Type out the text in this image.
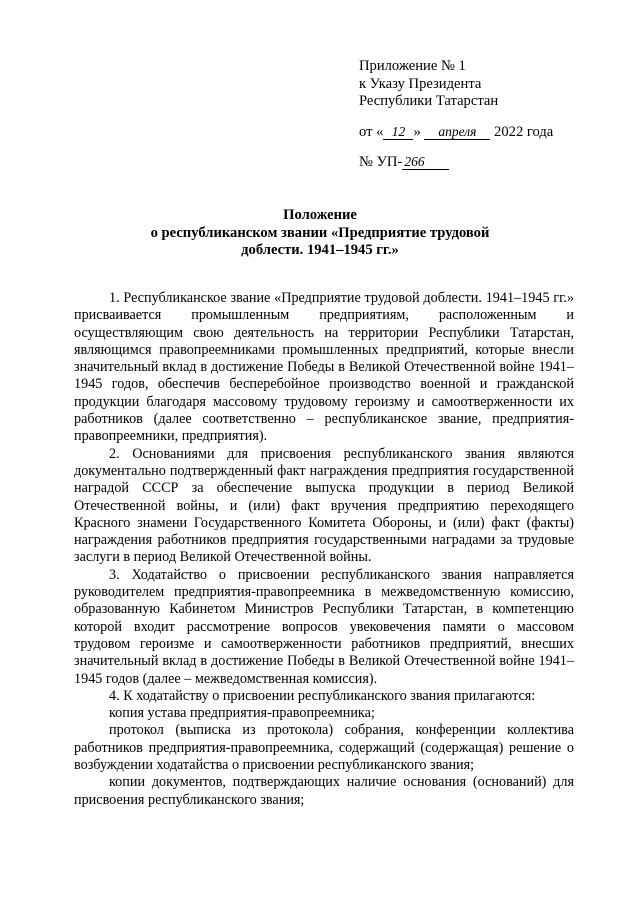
Приложение № 1
к Указу Президента
Республики Татарстан
от « 12 » апреля 2022 года
№ УП- 266
Положение
о республиканском звании «Предприятие трудовой
доблести. 1941–1945 гг.»

1. Республиканское звание «Предприятие трудовой доблести. 1941–1945 гг.» присваивается промышленным предприятиям, расположенным и осуществляющим свою деятельность на территории Республики Татарстан, являющимся правопреемниками промышленных предприятий, которые внесли значительный вклад в достижение Победы в Великой Отечественной войне 1941–1945 годов, обеспечив бесперебойное производство военной и гражданской продукции благодаря массовому трудовому героизму и самоотверженности их работников (далее соответственно – республиканское звание, предприятия-правопреемники, предприятия).

2. Основаниями для присвоения республиканского звания являются документально подтвержденный факт награждения предприятия государственной наградой СССР за обеспечение выпуска продукции в период Великой Отечественной войны, и (или) факт вручения предприятию переходящего Красного знамени Государственного Комитета Обороны, и (или) факт (факты) награждения работников предприятия государственными наградами за трудовые заслуги в период Великой Отечественной войны.

3. Ходатайство о присвоении республиканского звания направляется руководителем предприятия-правопреемника в межведомственную комиссию, образованную Кабинетом Министров Республики Татарстан, в компетенцию которой входит рассмотрение вопросов увековечения памяти о массовом трудовом героизме и самоотверженности работников предприятий, внесших значительный вклад в достижение Победы в Великой Отечественной войне 1941–1945 годов (далее – межведомственная комиссия).

4. К ходатайству о присвоении республиканского звания прилагаются:

копия устава предприятия-правопреемника;

протокол (выписка из протокола) собрания, конференции коллектива работников предприятия-правопреемника, содержащий (содержащая) решение о возбуждении ходатайства о присвоении республиканского звания;

копии документов, подтверждающих наличие основания (оснований) для присвоения республиканского звания;
